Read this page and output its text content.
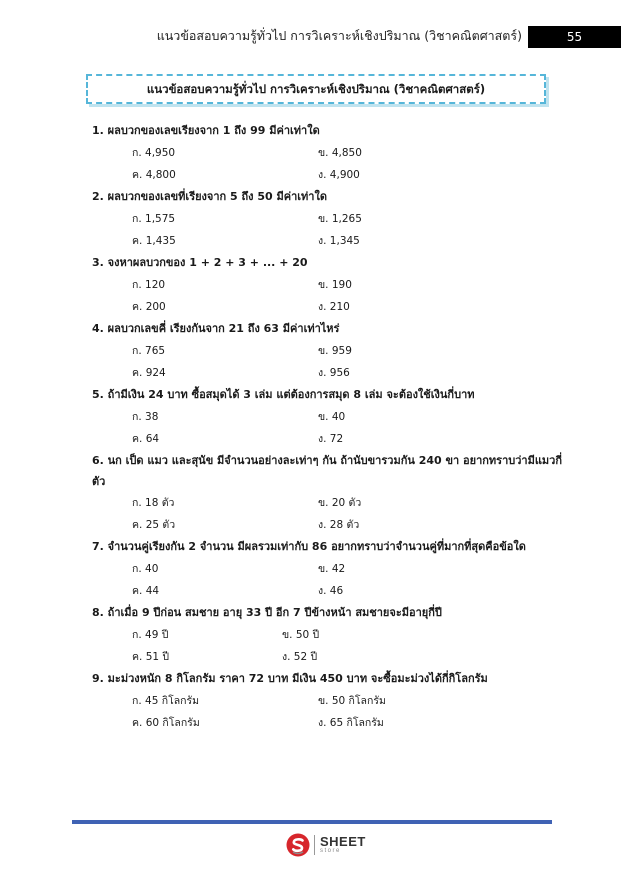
แนวข้อสอบความรู้ทั่วไป การวิเคราะห์เชิงปริมาณ (วิชาคณิตศาสตร์)	55
แนวข้อสอบความรู้ทั่วไป การวิเคราะห์เชิงปริมาณ (วิชาคณิตศาสตร์)
1. ผลบวกของเลขเรียงจาก 1 ถึง 99 มีค่าเท่าใด
ก. 4,950	ข. 4,850
ค. 4,800	ง. 4,900
2. ผลบวกของเลขที่เรียงจาก 5 ถึง 50 มีค่าเท่าใด
ก. 1,575	ข. 1,265
ค. 1,435	ง. 1,345
3. จงหาผลบวกของ 1 + 2 + 3 + ... + 20
ก. 120	ข. 190
ค. 200	ง. 210
4. ผลบวกเลขคี่ เรียงกันจาก 21 ถึง 63 มีค่าเท่าไหร่
ก. 765	ข. 959
ค. 924	ง. 956
5. ถ้ามีเงิน 24 บาท ซื้อสมุดได้ 3 เล่ม แต่ต้องการสมุด 8 เล่ม จะต้องใช้เงินกี่บาท
ก. 38	ข. 40
ค. 64	ง. 72
6. นก เป็ด แมว และสุนัข มีจำนวนอย่างละเท่าๆ กัน ถ้านับขารวมกัน 240 ขา อยากทราบว่ามีแมวกี่ตัว
ก. 18 ตัว	ข. 20 ตัว
ค. 25 ตัว	ง. 28 ตัว
7. จำนวนคู่เรียงกัน 2 จำนวน มีผลรวมเท่ากับ 86 อยากทราบว่าจำนวนคู่ที่มากที่สุดคือข้อใด
ก. 40	ข. 42
ค. 44	ง. 46
8. ถ้าเมื่อ 9 ปีก่อน สมชาย อายุ 33 ปี อีก 7 ปีข้างหน้า สมชายจะมีอายุกี่ปี
ก. 49 ปี	ข. 50 ปี
ค. 51 ปี	ง. 52 ปี
9. มะม่วงหนัก 8 กิโลกรัม ราคา 72 บาท มีเงิน 450 บาท จะซื้อมะม่วงได้กี่กิโลกรัม
ก. 45 กิโลกรัม	ข. 50 กิโลกรัม
ค. 60 กิโลกรัม	ง. 65 กิโลกรัม
SHEET
store
